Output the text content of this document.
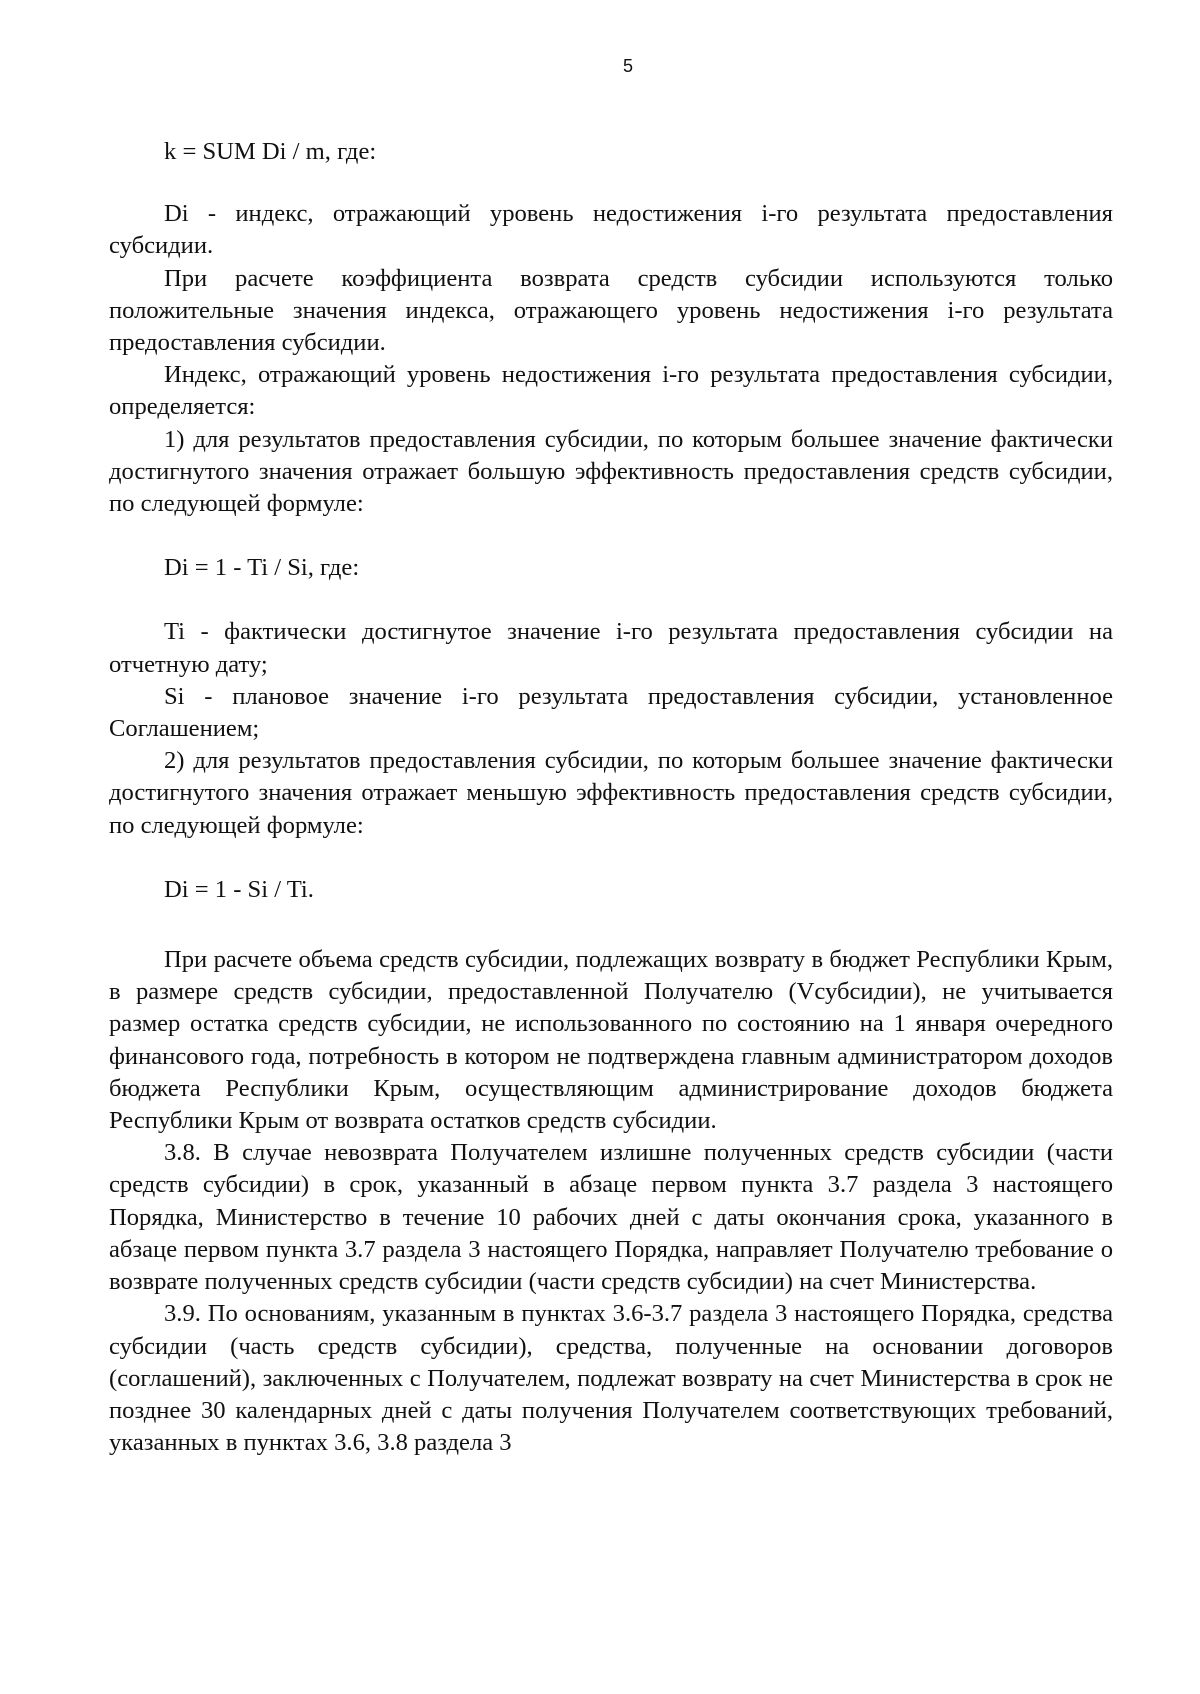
5

k = SUM Di / m, где:

Di - индекс, отражающий уровень недостижения i-го результата предоставления субсидии.

При расчете коэффициента возврата средств субсидии используются только положительные значения индекса, отражающего уровень недостижения i-го результата предоставления субсидии.

Индекс, отражающий уровень недостижения i-го результата предоставления субсидии, определяется:

1) для результатов предоставления субсидии, по которым большее значение фактически достигнутого значения отражает большую эффективность предоставления средств субсидии, по следующей формуле:

Di = 1 - Ti / Si, где:

Ti - фактически достигнутое значение i-го результата предоставления субсидии на отчетную дату;

Si - плановое значение i-го результата предоставления субсидии, установленное Соглашением;

2) для результатов предоставления субсидии, по которым большее значение фактически достигнутого значения отражает меньшую эффективность предоставления средств субсидии, по следующей формуле:

Di = 1 - Si / Ti.

При расчете объема средств субсидии, подлежащих возврату в бюджет Республики Крым, в размере средств субсидии, предоставленной Получателю (Vсубсидии), не учитывается размер остатка средств субсидии, не использованного по состоянию на 1 января очередного финансового года, потребность в котором не подтверждена главным администратором доходов бюджета Республики Крым, осуществляющим администрирование доходов бюджета Республики Крым от возврата остатков средств субсидии.

3.8. В случае невозврата Получателем излишне полученных средств субсидии (части средств субсидии) в срок, указанный в абзаце первом пункта 3.7 раздела 3 настоящего Порядка, Министерство в течение 10 рабочих дней с даты окончания срока, указанного в абзаце первом пункта 3.7 раздела 3 настоящего Порядка, направляет Получателю требование о возврате полученных средств субсидии (части средств субсидии) на счет Министерства.

3.9. По основаниям, указанным в пунктах 3.6-3.7 раздела 3 настоящего Порядка, средства субсидии (часть средств субсидии), средства, полученные на основании договоров (соглашений), заключенных с Получателем, подлежат возврату на счет Министерства в срок не позднее 30 календарных дней с даты получения Получателем соответствующих требований, указанных в пунктах 3.6, 3.8 раздела 3
